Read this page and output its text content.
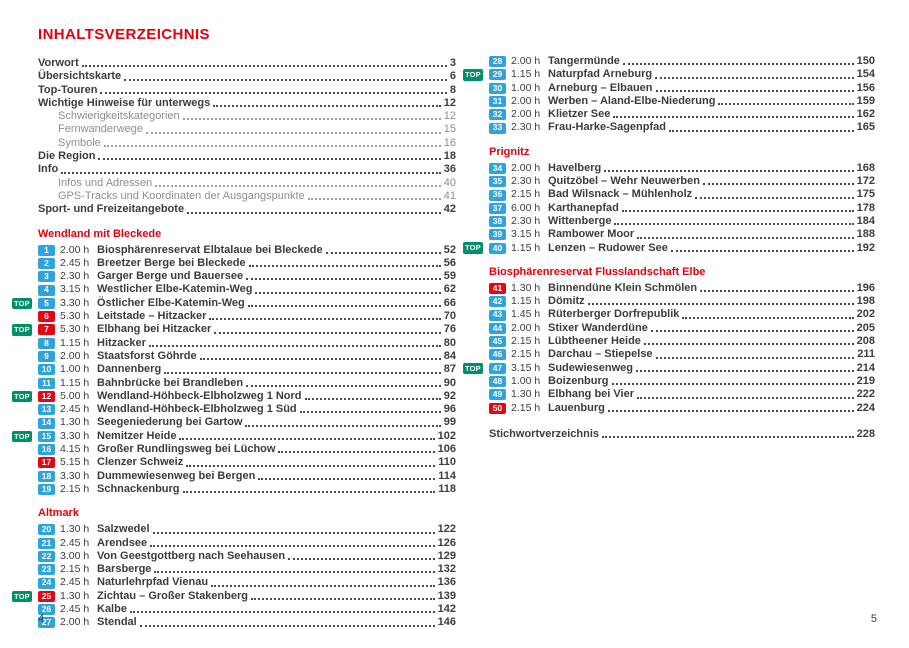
INHALTSVERZEICHNIS
Vorwort	3
Übersichtskarte	6
Top-Touren	8
Wichtige Hinweise für unterwegs	12
Schwierigkeitskategorien	12
Fernwanderwege	15
Symbole	16
Die Region	18
Info	36
Infos und Adressen	40
GPS-Tracks und Koordinaten der Ausgangspunkte	41
Sport- und Freizeitangebote	42
Wendland mit Bleckede
1	2.00 h Biosphärenreservat Elbtalaue bei Bleckede	52
2	2.45 h Breetzer Berge bei Bleckede	56
3	2.30 h Garger Berge und Bauersee	59
4	3.15 h Westlicher Elbe-Katemin-Weg	62
TOP	5	3.30 h Östlicher Elbe-Katemin-Weg	66
6	5.30 h Leitstade – Hitzacker	70
TOP	7	5.30 h Elbhang bei Hitzacker	76
8	1.15 h Hitzacker	80
9	2.00 h Staatsforst Göhrde	84
10 1.00 h Dannenberg	87
11 1.15 h Bahnbrücke bei Brandleben	90
TOP	12 5.00 h Wendland-Höhbeck-Elbholzweg 1 Nord	92
13 2.45 h Wendland-Höhbeck-Elbholzweg 1 Süd	96
14 1.30 h Seegeniederung bei Gartow	99
TOP	15 3.30 h Nemitzer Heide	102
16 4.15 h Großer Rundlingsweg bei Lüchow	106
17 5.15 h Clenzer Schweiz	110
18 3.30 h Dummewiesenweg bei Bergen	114
19 2.15 h Schnackenburg	118
Altmark
20 1.30 h Salzwedel	122
21 2.45 h Arendsee	126
22 3.00 h Von Geestgottberg nach Seehausen	129
23 2.15 h Barsberge	132
24 2.45 h Naturlehrpfad Vienau	136
TOP	25 1.30 h Zichtau – Großer Stakenberg	139
26 2.45 h Kalbe	142
27 2.00 h Stendal	146
28 2.00 h Tangermünde	150
TOP	29 1.15 h Naturpfad Arneburg	154
30 1.00 h Arneburg – Elbauen	156
31 2.00 h Werben – Aland-Elbe-Niederung	159
32 2.00 h Klietzer See	162
33 2.30 h Frau-Harke-Sagenpfad	165
Prignitz
34 2.00 h Havelberg	168
35 2.30 h Quitzöbel – Wehr Neuwerben	172
36 2.15 h Bad Wilsnack – Mühlenholz	175
37 6.00 h Karthanepfad	178
38 2.30 h Wittenberge	184
39 3.15 h Rambower Moor	188
TOP	40 1.15 h Lenzen – Rudower See	192
Biosphärenreservat Flusslandschaft Elbe
41 1.30 h Binnendüne Klein Schmölen	196
42 1.15 h Dömitz	198
43 1.45 h Rüterberger Dorfrepublik	202
44 2.00 h Stixer Wanderdüne	205
45 2.15 h Lübtheener Heide	208
46 2.15 h Darchau – Stiepelse	211
TOP	47 3.15 h Sudewiesenweg	214
48 1.00 h Boizenburg	219
49 1.30 h Elbhang bei Vier	222
50 2.15 h Lauenburg	224
Stichwortverzeichnis	228
4	5
